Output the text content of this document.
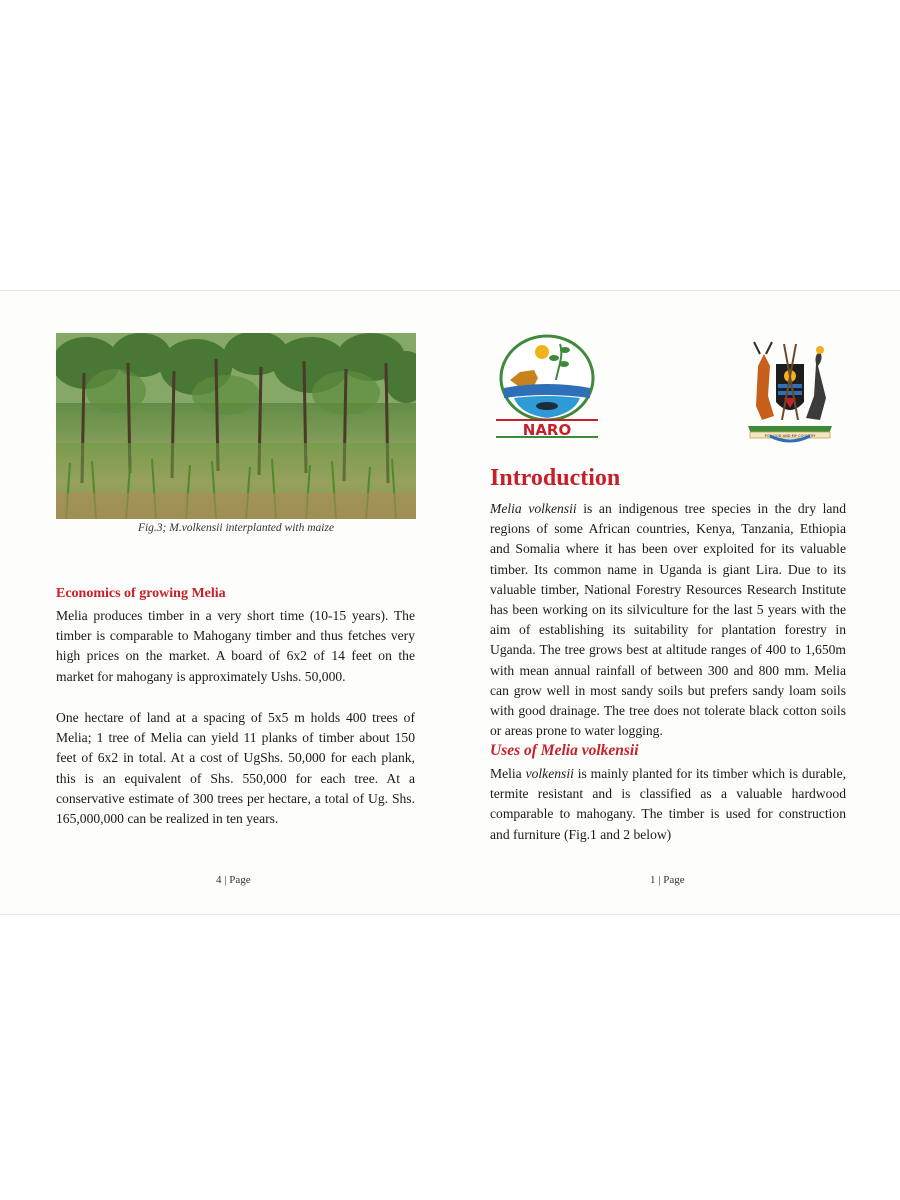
Fig.3; M.volkensii interplanted with maize
Economics of growing Melia
Melia produces timber in a very short time (10-15 years). The timber is comparable to Mahogany timber and thus fetches very high prices on the market. A board of 6x2 of 14 feet on the market for mahogany is approximately Ushs. 50,000.
One hectare of land at a spacing of 5x5 m holds 400 trees of Melia; 1 tree of Melia can yield 11 planks of timber about 150 feet of 6x2 in total. At a cost of UgShs. 50,000 for each plank, this is an equivalent of Shs. 550,000 for each tree. At a conservative estimate of 300 trees per hectare, a total of Ug. Shs. 165,000,000 can be realized in ten years.
4 | Page
NARO	FOR GOD AND MY COUNTRY
Introduction
Melia volkensii is an indigenous tree species in the dry land regions of some African countries, Kenya, Tanzania, Ethiopia and Somalia where it has been over exploited for its valuable timber. Its common name in Uganda is giant Lira. Due to its valuable timber, National Forestry Resources Research Institute has been working on its silviculture for the last 5 years with the aim of establishing its suitability for plantation forestry in Uganda. The tree grows best at altitude ranges of 400 to 1,650m with mean annual rainfall of between 300 and 800 mm. Melia can grow well in most sandy soils but prefers sandy loam soils with good drainage. The tree does not tolerate black cotton soils or areas prone to water logging.
Uses of Melia volkensii
Melia volkensii is mainly planted for its timber which is durable, termite resistant and is classified as a valuable hardwood comparable to mahogany. The timber is used for construction and furniture (Fig.1 and 2 below)
1 | Page
